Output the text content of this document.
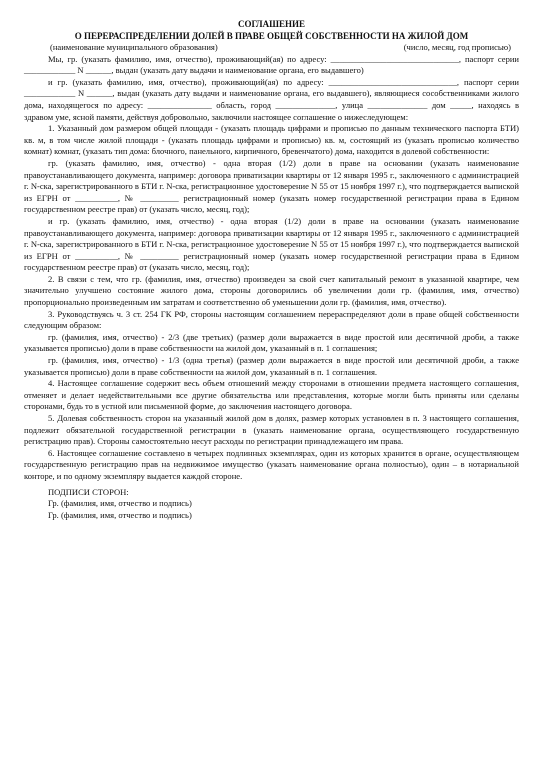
СОГЛАШЕНИЕ

О ПЕРЕРАСПРЕДЕЛЕНИИ ДОЛЕЙ В ПРАВЕ ОБЩЕЙ СОБСТВЕННОСТИ НА ЖИЛОЙ ДОМ

(наименование муниципального образования)	(число, месяц, год прописью)

Мы, гр. (указать фамилию, имя, отчество), проживающий(ая) по адресу: ______________________________, паспорт серии ____________ N ______, выдан (указать дату выдачи и наименование органа, его выдавшего)

и гр. (указать фамилию, имя, отчество), проживающий(ая) по адресу: ______________________________, паспорт серии ____________ N ______, выдан (указать дату выдачи и наименование органа, его выдавшего), являющиеся сособственниками жилого дома, находящегося по адресу: _______________ область, город ______________, улица ______________ дом _____, находясь в здравом уме, ясной памяти, действуя добровольно, заключили настоящее соглашение о нижеследующем:

1. Указанный дом размером общей площади - (указать площадь цифрами и прописью по данным технического паспорта БТИ) кв. м, в том числе жилой площади - (указать площадь цифрами и прописью) кв. м, состоящий из (указать прописью количество комнат) комнат, (указать тип дома: блочного, панельного, кирпичного, бревенчатого) дома, находится в долевой собственности:

гр. (указать фамилию, имя, отчество) - одна вторая (1/2) доли в праве на основании (указать наименование правоустанавливающего документа, например: договора приватизации квартиры от 12 января 1995 г., заключенного с администрацией г. N-ска, зарегистрированного в БТИ г. N-ска, регистрационное удостоверение N 55 от 15 ноября 1997 г.), что подтверждается выпиской из ЕГРН от __________, № _________ регистрационный номер (указать номер государственной регистрации права в Едином государственном реестре прав) от (указать число, месяц, год);

и гр. (указать фамилию, имя, отчество) - одна вторая (1/2) доли в праве на основании (указать наименование правоустанавливающего документа, например: договора приватизации квартиры от 12 января 1995 г., заключенного с администрацией г. N-ска, зарегистрированного в БТИ г. N-ска, регистрационное удостоверение N 55 от 15 ноября 1997 г.), что подтверждается выпиской из ЕГРН от __________, № _________ регистрационный номер (указать номер государственной регистрации права в Едином государственном реестре прав) от (указать число, месяц, год);

2. В связи с тем, что гр. (фамилия, имя, отчество) произведен за свой счет капитальный ремонт в указанной квартире, чем значительно улучшено состояние жилого дома, стороны договорились об увеличении доли гр. (фамилия, имя, отчество) пропорционально произведенным им затратам и соответственно об уменьшении доли гр. (фамилия, имя, отчество).

3. Руководствуясь ч. 3 ст. 254 ГК РФ, стороны настоящим соглашением перераспределяют доли в праве общей собственности следующим образом:

гр. (фамилия, имя, отчество) - 2/3 (две третьих) (размер доли выражается в виде простой или десятичной дроби, а также указывается прописью) доли в праве собственности на жилой дом, указанный в п. 1 соглашения;

гр. (фамилия, имя, отчество) - 1/3 (одна третья) (размер доли выражается в виде простой или десятичной дроби, а также указывается прописью) доли в праве собственности на жилой дом, указанный в п. 1 соглашения.

4. Настоящее соглашение содержит весь объем отношений между сторонами в отношении предмета настоящего соглашения, отменяет и делает недействительными все другие обязательства или представления, которые могли быть приняты или сделаны сторонами, будь то в устной или письменной форме, до заключения настоящего договора.

5. Долевая собственность сторон на указанный жилой дом в долях, размер которых установлен в п. 3 настоящего соглашения, подлежит обязательной государственной регистрации в (указать наименование органа, осуществляющего государственную регистрацию прав). Стороны самостоятельно несут расходы по регистрации принадлежащего им права.

6. Настоящее соглашение составлено в четырех подлинных экземплярах, один из которых хранится в органе, осуществляющем государственную регистрацию прав на недвижимое имущество (указать наименование органа полностью), один – в нотариальной конторе, и по одному экземпляру выдается каждой стороне.

ПОДПИСИ СТОРОН:

Гр. (фамилия, имя, отчество и подпись)

Гр. (фамилия, имя, отчество и подпись)
